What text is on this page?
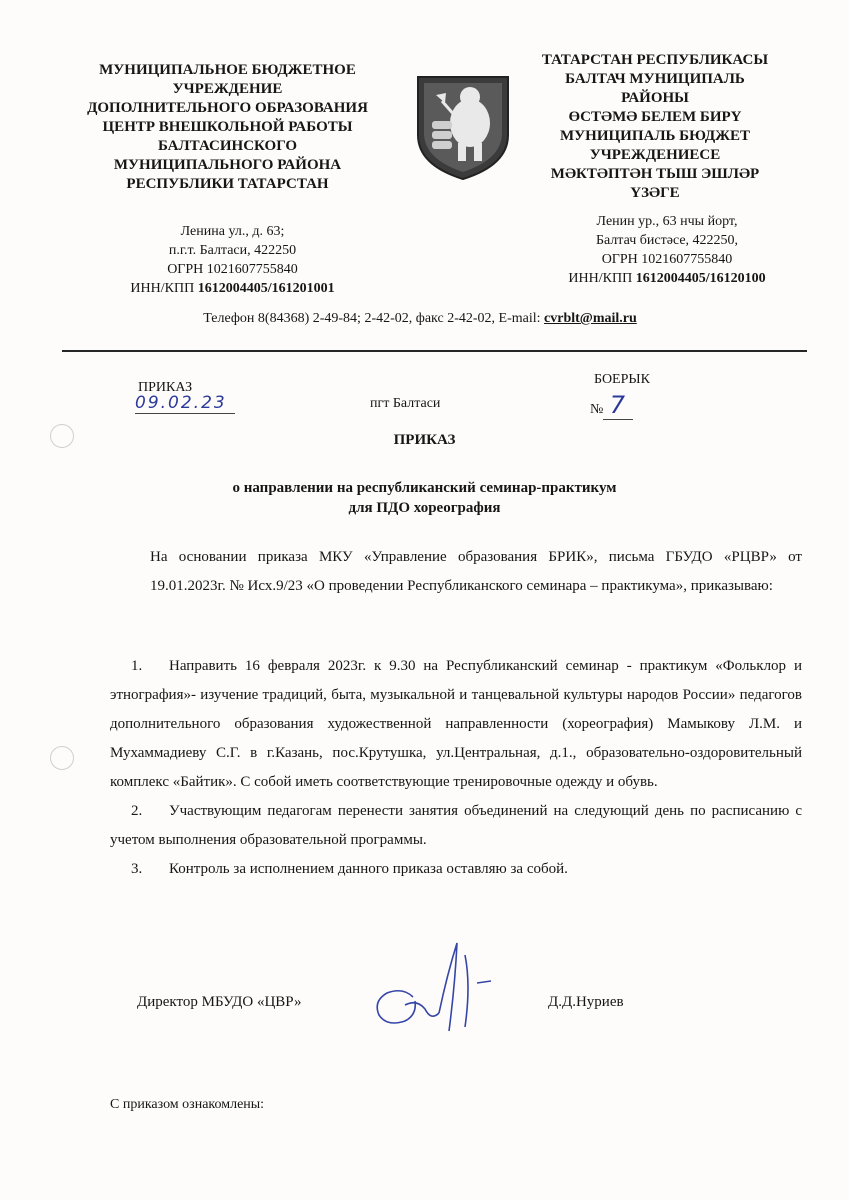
МУНИЦИПАЛЬНОЕ БЮДЖЕТНОЕ
УЧРЕЖДЕНИЕ
ДОПОЛНИТЕЛЬНОГО ОБРАЗОВАНИЯ
ЦЕНТР ВНЕШКОЛЬНОЙ РАБОТЫ
БАЛТАСИНСКОГО
МУНИЦИПАЛЬНОГО РАЙОНА
РЕСПУБЛИКИ ТАТАРСТАН
ТАТАРСТАН РЕСПУБЛИКАСЫ
БАЛТАЧ МУНИЦИПАЛЬ
РАЙОНЫ
ӨСТӘМӘ БЕЛЕМ БИРҮ
МУНИЦИПАЛЬ БЮДЖЕТ
УЧРЕЖДЕНИЕСЕ
МӘКТӘПТӘН ТЫШ ЭШЛӘР
ҮЗӘГЕ
Ленина ул., д. 63;
п.г.т. Балтаси, 422250
ОГРН 1021607755840
ИНН/КПП 1612004405/161201001
Ленин ур., 63 нчы йорт,
Балтач бистәсе, 422250,
ОГРН 1021607755840
ИНН/КПП 1612004405/16120100
Телефон 8(84368) 2-49-84; 2-42-02, факс 2-42-02, E-mail: cvrblt@mail.ru
ПРИКАЗ
09.02.23	пгт Балтаси
БОЕРЫК
№ 7
ПРИКАЗ
о направлении на республиканский семинар-практикум
для ПДО хореография
На основании приказа МКУ «Управление образования БРИК», письма ГБУДО «РЦВР» от 19.01.2023г. № Исх.9/23 «О проведении Республиканского семинара – практикума», приказываю:
1. Направить 16 февраля 2023г. к 9.30 на Республиканский семинар - практикум «Фольклор и этнография»- изучение традиций, быта, музыкальной и танцевальной культуры народов России» педагогов дополнительного образования художественной направленности (хореография) Мамыкову Л.М. и Мухаммадиеву С.Г. в г.Казань, пос.Крутушка, ул.Центральная, д.1., образовательно-оздоровительный комплекс «Байтик». С собой иметь соответствующие тренировочные одежду и обувь.
2. Участвующим педагогам перенести занятия объединений на следующий день по расписанию с учетом выполнения образовательной программы.
3. Контроль за исполнением данного приказа оставляю за собой.
Директор МБУДО «ЦВР»	Д.Д.Нуриев
С приказом ознакомлены:
